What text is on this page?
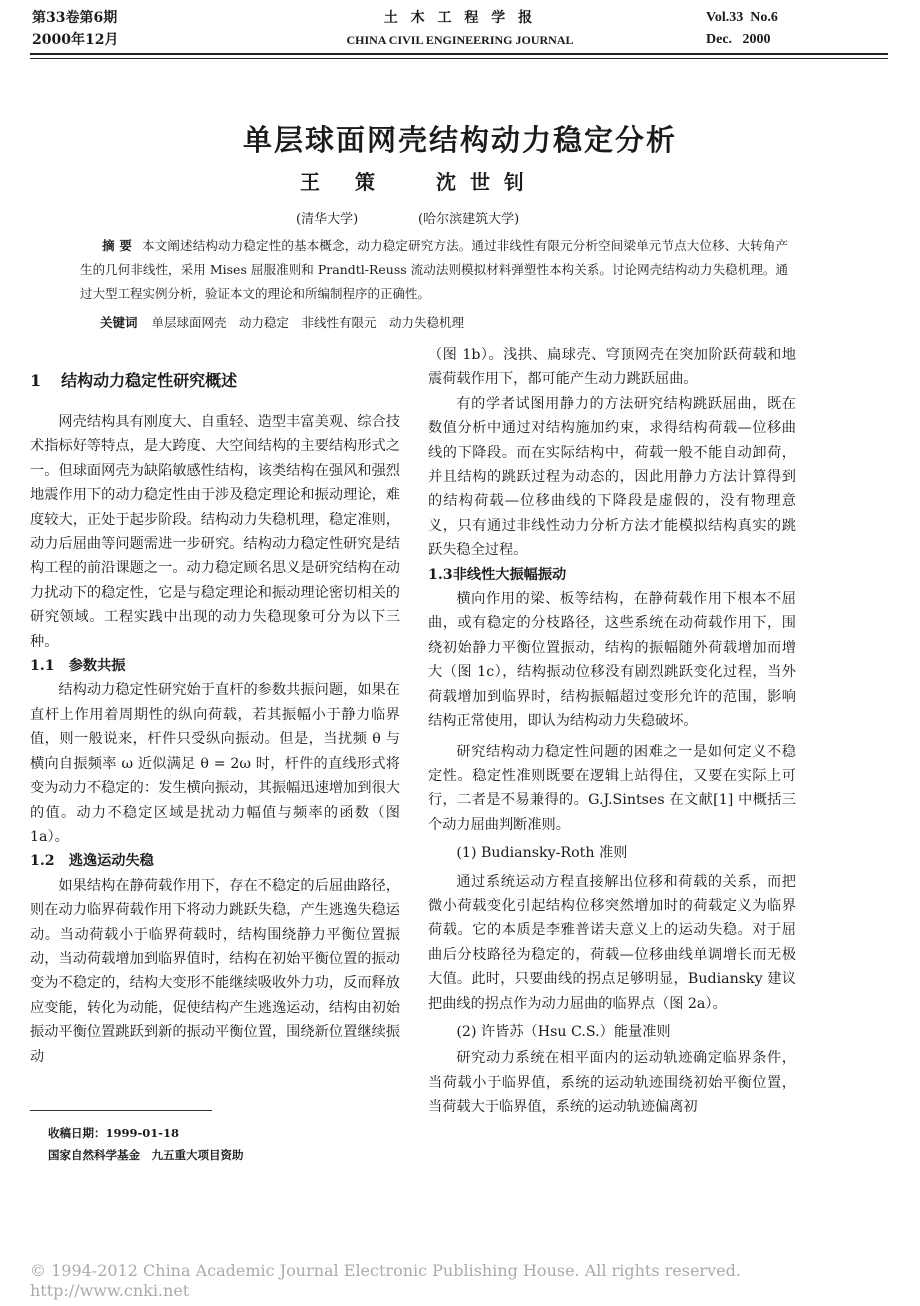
第33卷第6期
2000年12月
土 木 工 程 学 报
CHINA CIVIL ENGINEERING JOURNAL
Vol.33  No.6
Dec.   2000
单层球面网壳结构动力稳定分析
王 策 沈世钊
(清华大学)	(哈尔滨建筑大学)
摘 要 本文阐述结构动力稳定性的基本概念，动力稳定研究方法。通过非线性有限元分析空间梁单元节点大位移、大转角产生的几何非线性，采用 Mises 屈服准则和 Prandtl-Reuss 流动法则模拟材料弹塑性本构关系。讨论网壳结构动力失稳机理。通过大型工程实例分析，验证本文的理论和所编制程序的正确性。
关键词 单层球面网壳　动力稳定　非线性有限元　动力失稳机理
1 结构动力稳定性研究概述

网壳结构具有刚度大、自重轻、造型丰富美观、综合技术指标好等特点，是大跨度、大空间结构的主要结构形式之一。但球面网壳为缺陷敏感性结构，该类结构在强风和强烈地震作用下的动力稳定性由于涉及稳定理论和振动理论，难度较大，正处于起步阶段。结构动力失稳机理，稳定准则，动力后屈曲等问题需进一步研究。结构动力稳定性研究是结构工程的前沿课题之一。动力稳定顾名思义是研究结构在动力扰动下的稳定性，它是与稳定理论和振动理论密切相关的研究领域。工程实践中出现的动力失稳现象可分为以下三种。

1.1 参数共振

结构动力稳定性研究始于直杆的参数共振问题，如果在直杆上作用着周期性的纵向荷载，若其振幅小于静力临界值，则一般说来，杆件只受纵向振动。但是，当扰频 θ 与横向自振频率 ω 近似满足 θ = 2ω 时，杆件的直线形式将变为动力不稳定的：发生横向振动，其振幅迅速增加到很大的值。动力不稳定区域是扰动力幅值与频率的函数（图 1a）。

1.2 逃逸运动失稳

如果结构在静荷载作用下，存在不稳定的后屈曲路径，则在动力临界荷载作用下将动力跳跃失稳，产生逃逸失稳运动。当动荷载小于临界荷载时，结构围绕静力平衡位置振动，当动荷载增加到临界值时，结构在初始平衡位置的振动变为不稳定的，结构大变形不能继续吸收外力功，反而释放应变能，转化为动能，促使结构产生逃逸运动，结构由初始振动平衡位置跳跃到新的振动平衡位置，围绕新位置继续振动

收稿日期：1999-01-18
国家自然科学基金　九五重大项目资助

（图 1b）。浅拱、扁球壳、穹顶网壳在突加阶跃荷载和地震荷载作用下，都可能产生动力跳跃屈曲。

有的学者试图用静力的方法研究结构跳跃屈曲，既在数值分析中通过对结构施加约束，求得结构荷载—位移曲线的下降段。而在实际结构中，荷载一般不能自动卸荷，并且结构的跳跃过程为动态的，因此用静力方法计算得到的结构荷载—位移曲线的下降段是虚假的，没有物理意义，只有通过非线性动力分析方法才能模拟结构真实的跳跃失稳全过程。

1.3非线性大振幅振动

横向作用的梁、板等结构，在静荷载作用下根本不屈曲，或有稳定的分枝路径，这些系统在动荷载作用下，围绕初始静力平衡位置振动，结构的振幅随外荷载增加而增大（图 1c），结构振动位移没有剧烈跳跃变化过程，当外荷载增加到临界时，结构振幅超过变形允许的范围，影响结构正常使用，即认为结构动力失稳破坏。

研究结构动力稳定性问题的困难之一是如何定义不稳定性。稳定性准则既要在逻辑上站得住，又要在实际上可行，二者是不易兼得的。G.J.Sintses 在文献[1] 中概括三个动力屈曲判断准则。

(1) Budiansky-Roth 准则

通过系统运动方程直接解出位移和荷载的关系，而把微小荷载变化引起结构位移突然增加时的荷载定义为临界荷载。它的本质是李雅普诺夫意义上的运动失稳。对于屈曲后分枝路径为稳定的，荷载—位移曲线单调增长而无极大值。此时，只要曲线的拐点足够明显，Budiansky 建议把曲线的拐点作为动力屈曲的临界点（图 2a）。

(2) 许皆苏（Hsu C.S.）能量准则

研究动力系统在相平面内的运动轨迹确定临界条件，当荷载小于临界值，系统的运动轨迹围绕初始平衡位置，当荷载大于临界值，系统的运动轨迹偏离初

© 1994-2012 China Academic Journal Electronic Publishing House. All rights reserved.　 http://www.cnki.net
